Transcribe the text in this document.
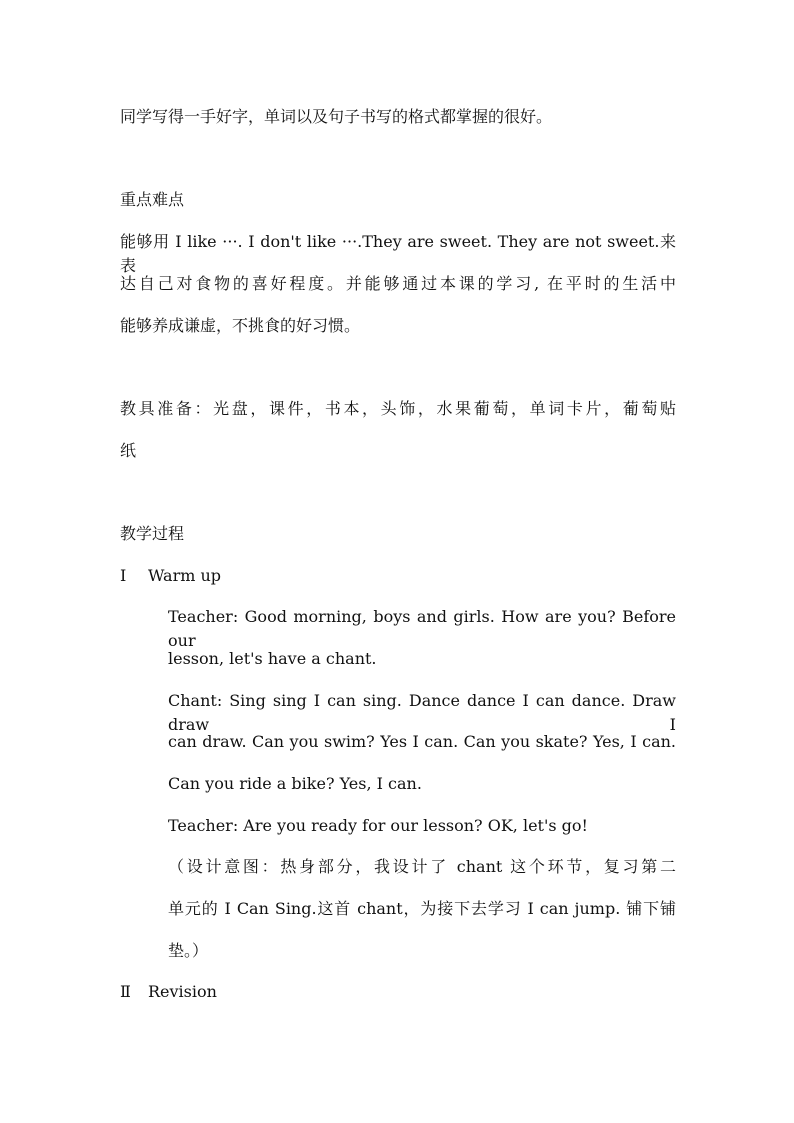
同学写得一手好字，单词以及句子书写的格式都掌握的很好。
重点难点
能够用 I like ···. I don't like ···.They are sweet. They are not sweet.来表
达自己对食物的喜好程度。并能够通过本课的学习, 在平时的生活中
能够养成谦虚，不挑食的好习惯。
教具准备：光盘，课件，书本，头饰，水果葡萄，单词卡片，葡萄贴
纸
教学过程
Ⅰ Warm up
Teacher: Good morning, boys and girls. How are you? Before our
lesson, let's have a chant.
Chant: Sing sing I can sing. Dance dance I can dance. Draw draw I
can draw. Can you swim? Yes I can. Can you skate? Yes, I can.
Can you ride a bike? Yes, I can.
Teacher: Are you ready for our lesson? OK, let's go!
（设计意图：热身部分，我设计了 chant 这个环节，复习第二
单元的 I Can Sing.这首 chant，为接下去学习 I can jump. 铺下铺
垫。）
Ⅱ Revision
